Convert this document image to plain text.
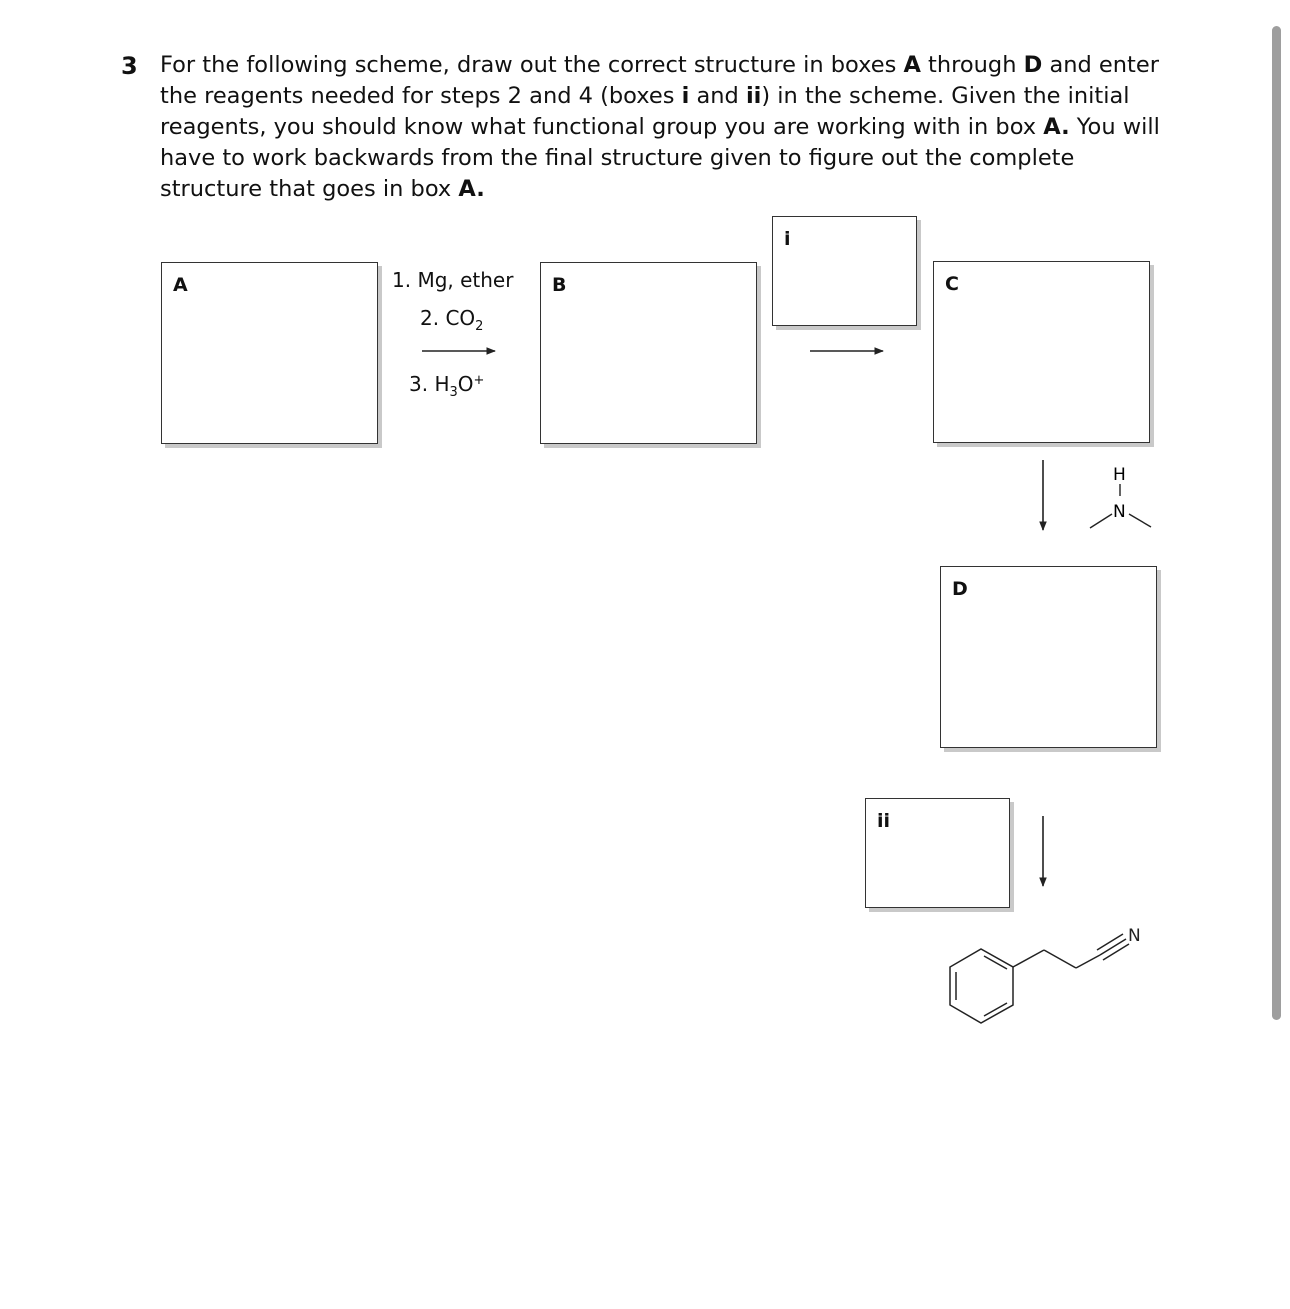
3 For the following scheme, draw out the correct structure in boxes A through D and enter the reagents needed for steps 2 and 4 (boxes i and ii) in the scheme. Given the initial reagents, you should know what functional group you are working with in box A. You will have to work backwards from the final structure given to figure out the complete structure that goes in box A.
A	1. Mg, ether
2. $CO_2$
3. $H_3O^+$
B
i
C
D
ii
H
N
N
